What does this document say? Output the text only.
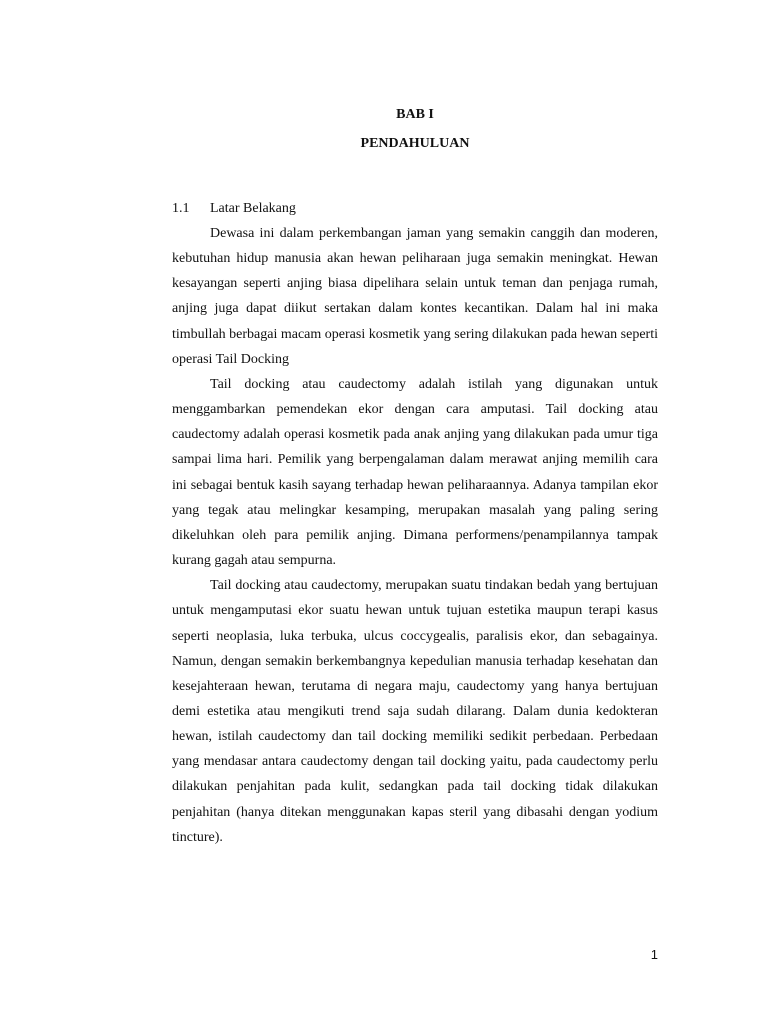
BAB I
PENDAHULUAN
1.1 Latar Belakang

Dewasa ini dalam perkembangan jaman yang semakin canggih dan moderen, kebutuhan hidup manusia akan hewan peliharaan juga semakin meningkat. Hewan kesayangan seperti anjing biasa dipelihara selain untuk teman dan penjaga rumah, anjing juga dapat diikut sertakan dalam kontes kecantikan. Dalam hal ini maka timbullah berbagai macam operasi kosmetik yang sering dilakukan pada hewan seperti operasi Tail Docking

Tail docking atau caudectomy adalah istilah yang digunakan untuk menggambarkan pemendekan ekor dengan cara amputasi. Tail docking atau caudectomy adalah operasi kosmetik pada anak anjing yang dilakukan pada umur tiga sampai lima hari. Pemilik yang berpengalaman dalam merawat anjing memilih cara ini sebagai bentuk kasih sayang terhadap hewan peliharaannya. Adanya tampilan ekor yang tegak atau melingkar kesamping, merupakan masalah yang paling sering dikeluhkan oleh para pemilik anjing. Dimana performens/penampilannya tampak kurang gagah atau sempurna.

Tail docking atau caudectomy, merupakan suatu tindakan bedah yang bertujuan untuk mengamputasi ekor suatu hewan untuk tujuan estetika maupun terapi kasus seperti neoplasia, luka terbuka, ulcus coccygealis, paralisis ekor, dan sebagainya. Namun, dengan semakin berkembangnya kepedulian manusia terhadap kesehatan dan kesejahteraan hewan, terutama di negara maju, caudectomy yang hanya bertujuan demi estetika atau mengikuti trend saja sudah dilarang. Dalam dunia kedokteran hewan, istilah caudectomy dan tail docking memiliki sedikit perbedaan. Perbedaan yang mendasar antara caudectomy dengan tail docking yaitu, pada caudectomy perlu dilakukan penjahitan pada kulit, sedangkan pada tail docking tidak dilakukan penjahitan (hanya ditekan menggunakan kapas steril yang dibasahi dengan yodium tincture).

1
